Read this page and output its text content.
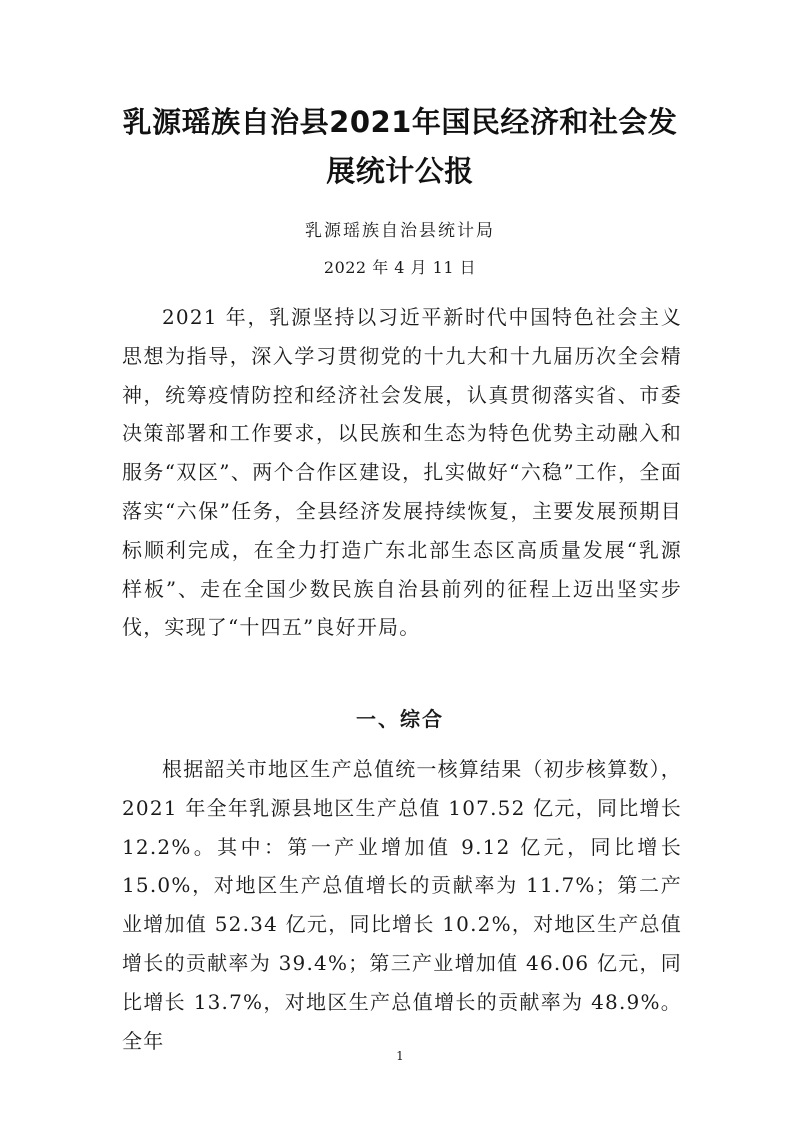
乳源瑶族自治县2021年国民经济和社会发展统计公报
乳源瑶族自治县统计局
2022 年 4 月 11 日

2021 年，乳源坚持以习近平新时代中国特色社会主义思想为指导，深入学习贯彻党的十九大和十九届历次全会精神，统筹疫情防控和经济社会发展，认真贯彻落实省、市委决策部署和工作要求，以民族和生态为特色优势主动融入和服务“双区”、两个合作区建设，扎实做好“六稳”工作，全面落实“六保”任务，全县经济发展持续恢复，主要发展预期目标顺利完成，在全力打造广东北部生态区高质量发展“乳源样板”、走在全国少数民族自治县前列的征程上迈出坚实步伐，实现了“十四五”良好开局。

一、综合

根据韶关市地区生产总值统一核算结果（初步核算数），2021 年全年乳源县地区生产总值 107.52 亿元，同比增长 12.2%。其中：第一产业增加值 9.12 亿元，同比增长 15.0%，对地区生产总值增长的贡献率为 11.7%；第二产业增加值 52.34 亿元，同比增长 10.2%，对地区生产总值增长的贡献率为 39.4%；第三产业增加值 46.06 亿元，同比增长 13.7%，对地区生产总值增长的贡献率为 48.9%。全年

1
